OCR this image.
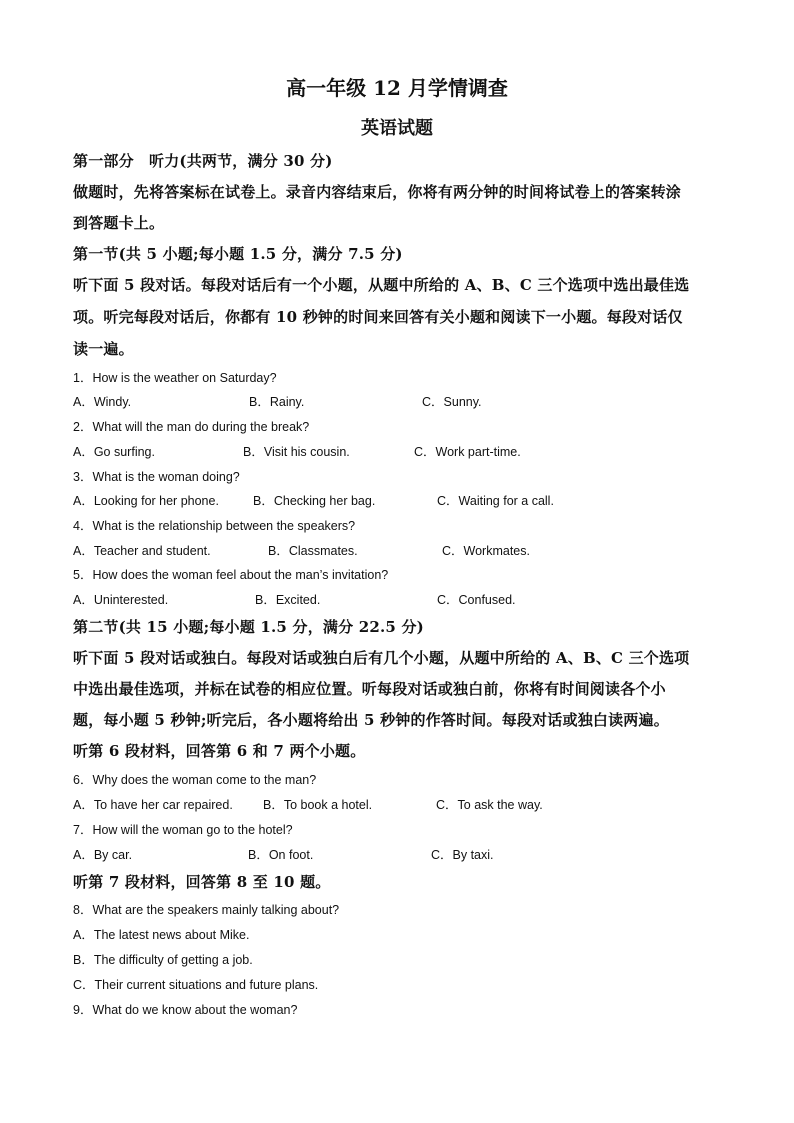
高一年级 12 月学情调查
英语试题
第一部分　听力(共两节，满分 30 分)
做题时，先将答案标在试卷上。录音内容结束后，你将有两分钟的时间将试卷上的答案转涂
到答题卡上。
第一节(共 5 小题;每小题 1.5 分，满分 7.5 分)
听下面 5 段对话。每段对话后有一个小题，从题中所给的 A、B、C 三个选项中选出最佳选
项。听完每段对话后，你都有 10 秒钟的时间来回答有关小题和阅读下一小题。每段对话仅
读一遍。
1．How is the weather on Saturday?
A．Windy.	B．Rainy.	C．Sunny.
2．What will the man do during the break?
A．Go surfing.	B．Visit his cousin.	C．Work part-time.
3．What is the woman doing?
A．Looking for her phone.	B．Checking her bag.	C．Waiting for a call.
4．What is the relationship between the speakers?
A．Teacher and student.	B．Classmates.	C．Workmates.
5．How does the woman feel about the man’s invitation?
A．Uninterested.	B．Excited.	C．Confused.
第二节(共 15 小题;每小题 1.5 分，满分 22.5 分)
听下面 5 段对话或独白。每段对话或独白后有几个小题，从题中所给的 A、B、C 三个选项
中选出最佳选项，并标在试卷的相应位置。听每段对话或独白前，你将有时间阅读各个小
题，每小题 5 秒钟;听完后，各小题将给出 5 秒钟的作答时间。每段对话或独白读两遍。
听第 6 段材料，回答第 6 和 7 两个小题。
6．Why does the woman come to the man?
A．To have her car repaired. B．To book a hotel.	C．To ask the way.
7．How will the woman go to the hotel?
A．By car.	B．On foot.	C．By taxi.
听第 7 段材料，回答第 8 至 10 题。
8．What are the speakers mainly talking about?
A．The latest news about Mike.
B．The difficulty of getting a job.
C．Their current situations and future plans.
9．What do we know about the woman?
